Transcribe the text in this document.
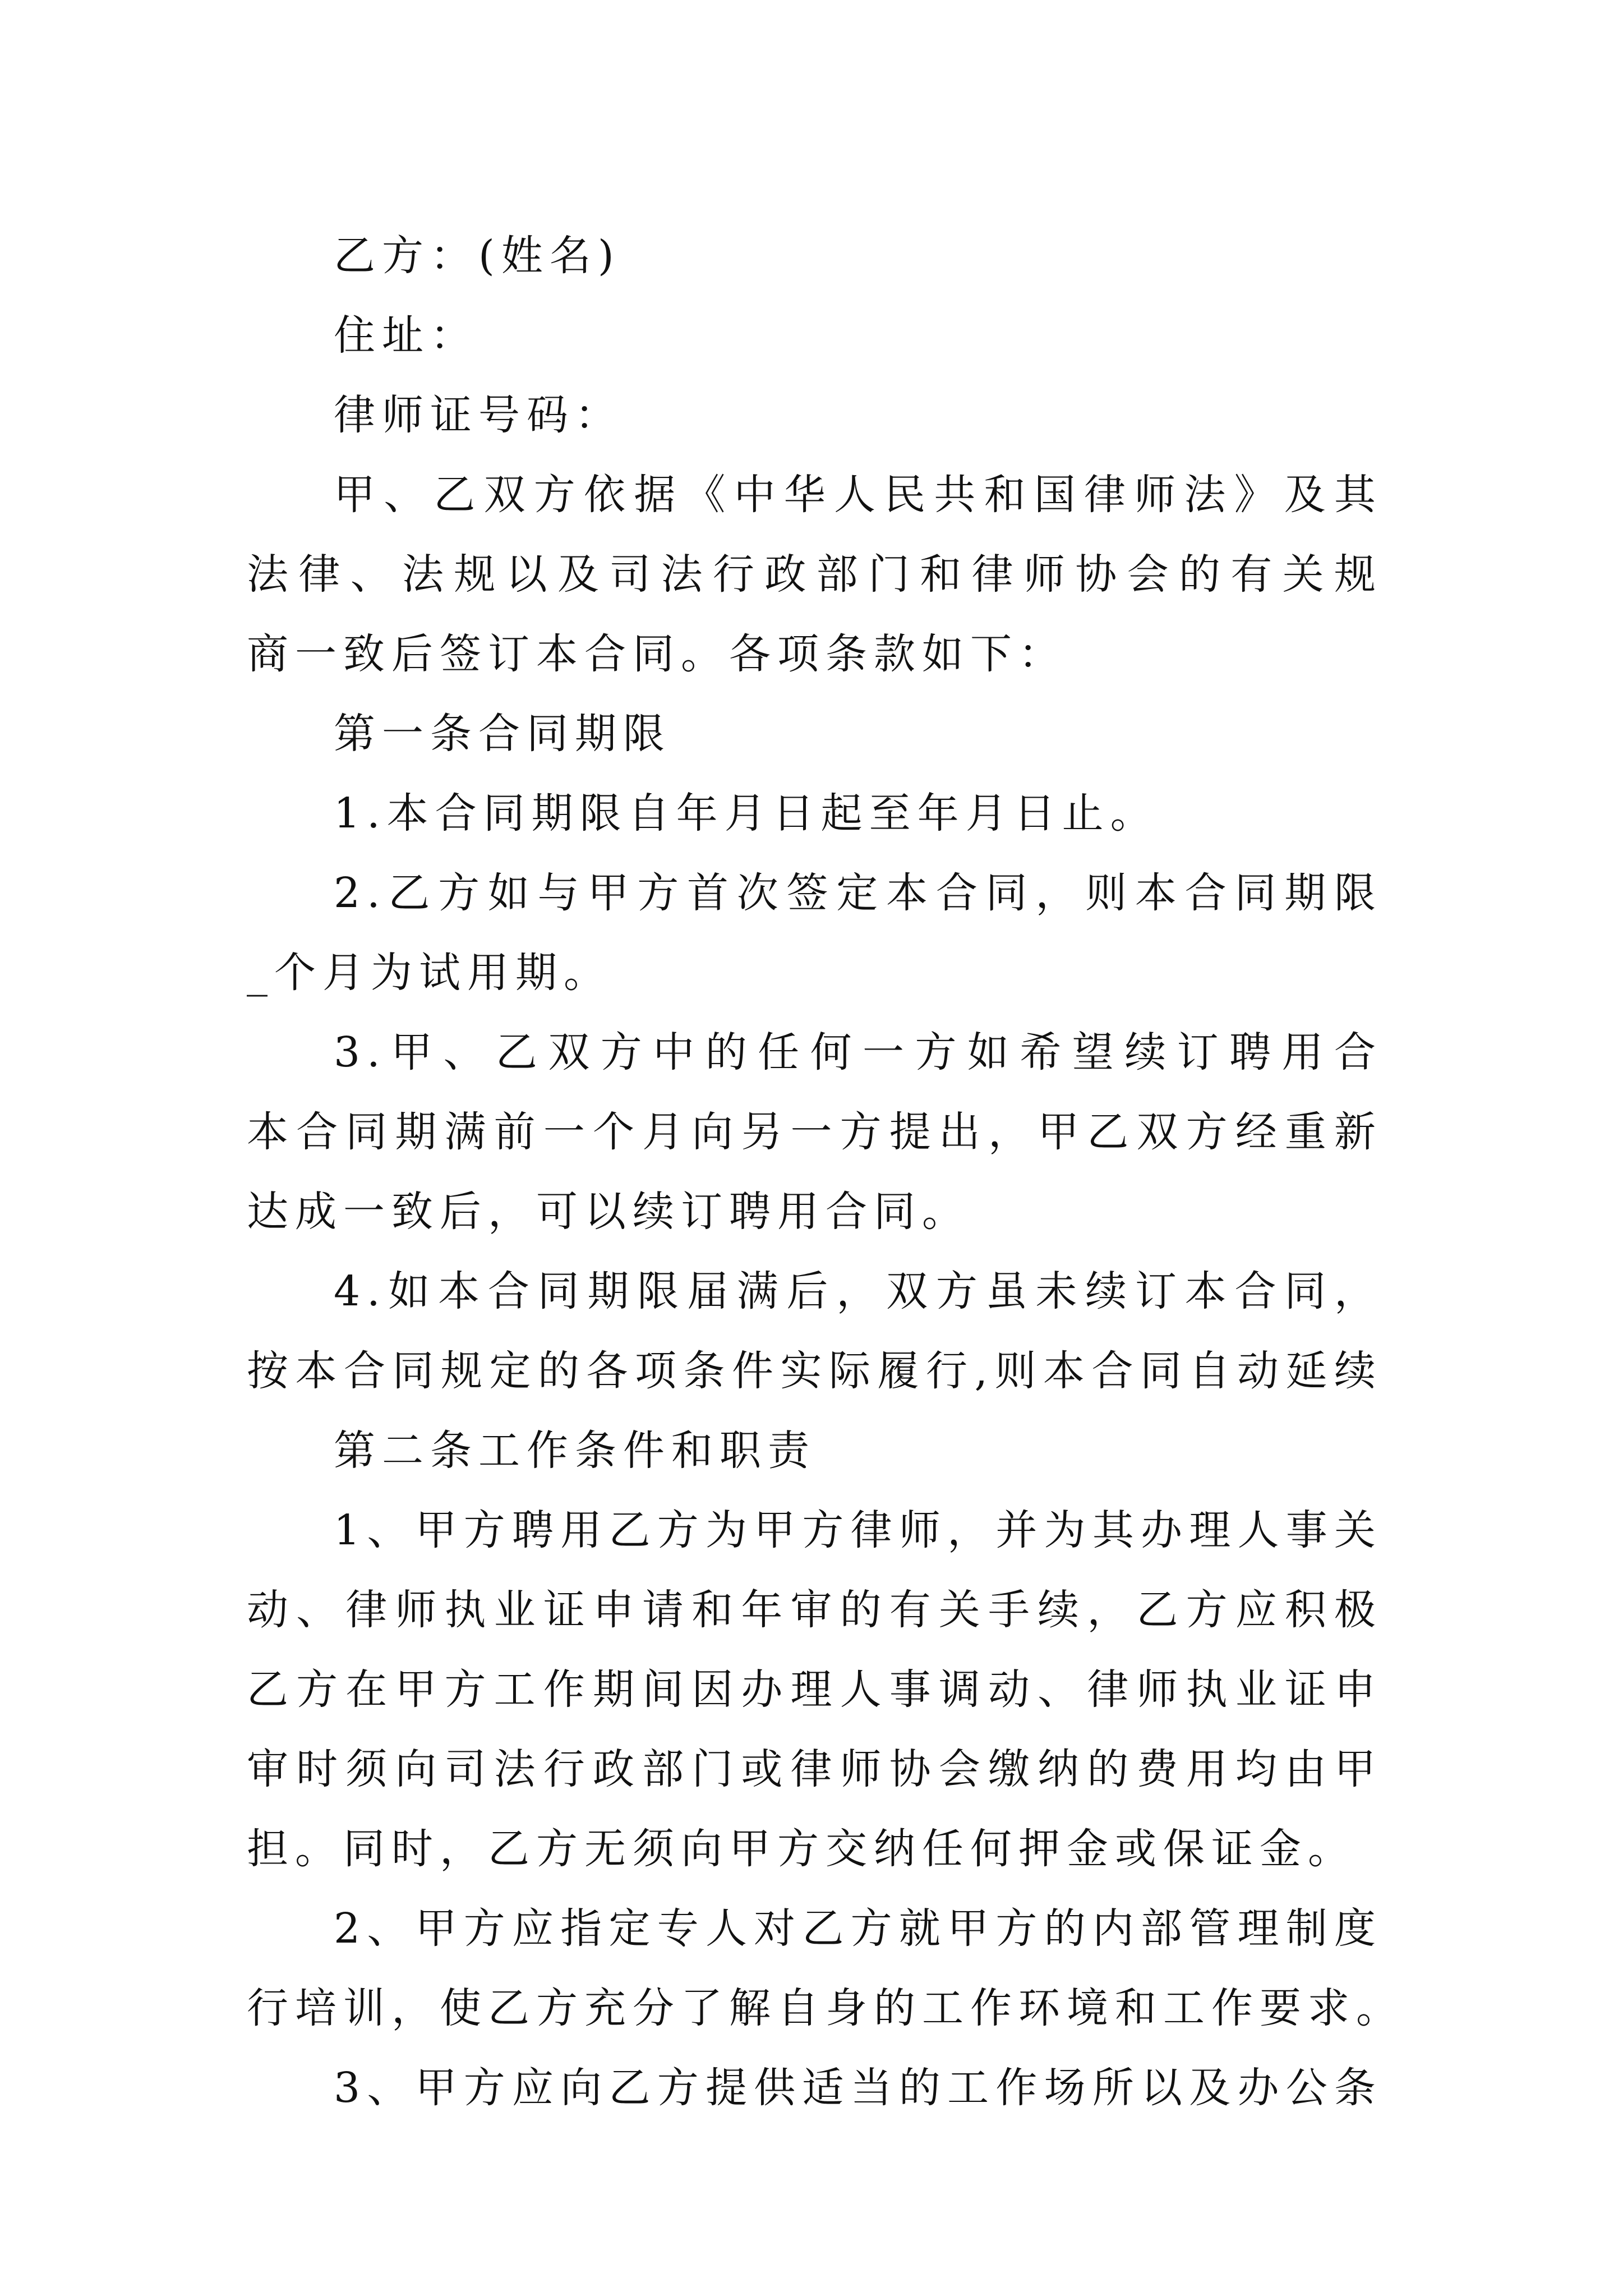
乙方：(姓名)
住址：
律师证号码：
甲、乙双方依据《中华人民共和国律师法》及其
法律、法规以及司法行政部门和律师协会的有关规
商一致后签订本合同。各项条款如下：
第一条合同期限
1.本合同期限自年月日起至年月日止。
2.乙方如与甲方首次签定本合同，则本合同期限
_个月为试用期。
3.甲、乙双方中的任何一方如希望续订聘用合
本合同期满前一个月向另一方提出，甲乙双方经重新
达成一致后，可以续订聘用合同。
4.如本合同期限届满后，双方虽未续订本合同，
按本合同规定的各项条件实际履行,则本合同自动延续
第二条工作条件和职责
1、甲方聘用乙方为甲方律师，并为其办理人事关
动、律师执业证申请和年审的有关手续，乙方应积极
乙方在甲方工作期间因办理人事调动、律师执业证申
审时须向司法行政部门或律师协会缴纳的费用均由甲
担。同时，乙方无须向甲方交纳任何押金或保证金。
2、甲方应指定专人对乙方就甲方的内部管理制度
行培训，使乙方充分了解自身的工作环境和工作要求。
3、甲方应向乙方提供适当的工作场所以及办公条
